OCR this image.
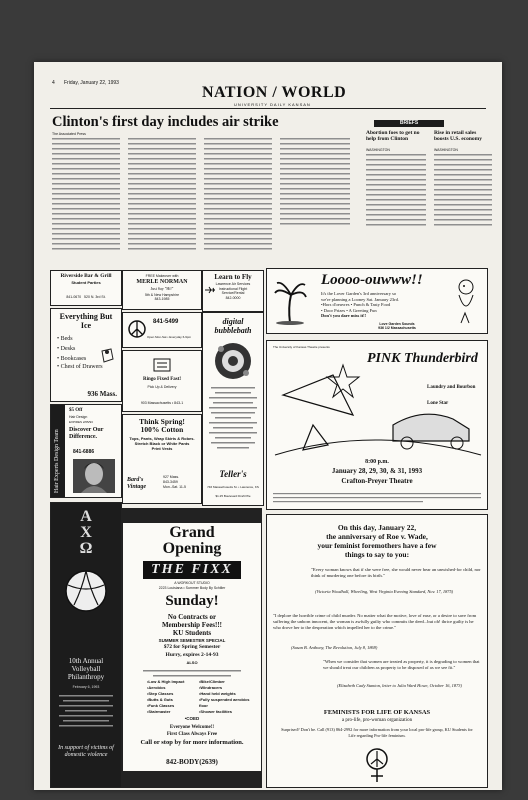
4 Friday, January 22, 1993
NATION / WORLD
UNIVERSITY DAILY KANSAN
Clinton's first day includes air strike
The Associated Press
BRIEFS
Abortion foes to get no help from Clinton
Rise in retail sales boosts U.S. economy
WASHINGTON	WASHINGTON
Riverside Bar & Grill
Student Parties
841-0670 520 N. 3rd St.
Everything But Ice
• Beds
• Desks
• Bookcases
• Chest of Drawers
936 Mass.
Hair Experts Design Team
$5 Off
Hair Design
EXPIRES 2/05/93
Discover Our Difference.
841-6886
A
X
Ω
10th Annual
Volleyball
Philanthropy
February 6, 1993
In support of victims of domestic violence
FREE Makeover with
MERLE NORMAN
Just Say "Hi!"
5th & New Hampshire
843-1985
841-5499
Open Mon-Sat • Everyday 6-9pm
Ringo Fixed Fast!
Pick Up & Delivery
903 Massachusetts • 843-1
Think Spring!
100% Cotton
Tops, Pants, Wrap Skirts & Robes.
Stretch Black or White Pants
Print Vests
Bard's Vintage
927 Mass.
843-3459
Mon.-Sat. 11-5
Grand
Opening
THE FIXX
A WORKOUT STUDIO
2223 Louisiana • Summer Body By Schiller
Sunday!
No Contracts or
Membership Fees!!!
KU Students
SUMMER SEMESTER SPECIAL
$72 for Spring Semester
Hurry, expires 2-14-93
ALSO
•Low & High Impact
•Aerobics
•Step Classes
•Butts & Guts
•Funk Classes
•Stairmaster
•Bike/Climber
•Windracers
•Hand held weights
•Fully suspended aerobics floor
•Shower facilities
•COED
Everyone Welcome!!
First Class Always Free
Call or stop by for more information.
842-BODY(2639)
Learn to Fly
Lawrence Air Services
Instructional Flight
Service/Rental
842-0000
digital bubblebath
Teller's
746 Massachusetts St. • Lawrence, KS
$1.25 Boulevard Draft Pile
Loooo-ouwww!!
It's the Lover Garden's 3rd anniversary so
we're planning a Looney Sat. January 23rd.
•Hors d'oeuvres • Punch & Tasty Food
• Door Prizes • A Greeting Fun
Don't you dare miss it!!
Love Garden Sounds
936 1/2 Massachusetts
The University of Kansas Theatre presents
PINK Thunderbird
Laundry and Bourbon
Lone Star
8:00 p.m.
January 28, 29, 30, & 31, 1993
Crafton-Preyer Theatre
On this day, January 22,
the anniversary of Roe v. Wade,
your feminist foremothers have a few
things to say to you:
"Every woman knows that if she were free, she would never bear an unwished-for child, nor think of murdering one before its birth."
(Victoria Woodhull, Wheeling, West Virginia Evening Standard, Nov. 17, 1875)
"I deplore the horrible crime of child murder. No matter what the motive, love of ease, or a desire to save from suffering the unborn innocent, the woman is awfully guilty who commits the deed...but oh! thrice guilty is he who drove her to the desperation which impelled her to the crime."
(Susan B. Anthony, The Revolution, July 8, 1869)
"When we consider that women are treated as property, it is degrading to women that we should treat our children as property to be disposed of as we see fit."
(Elizabeth Cady Stanton, letter to Julia Ward Howe, October 16, 1873)
FEMINISTS FOR LIFE OF KANSAS
a pro-life, pro-woman organization
Surprised? Don't be. Call (913) 864-2992 for more information from your local pro-life group, KU Students for Life regarding Pro-life feminism.
